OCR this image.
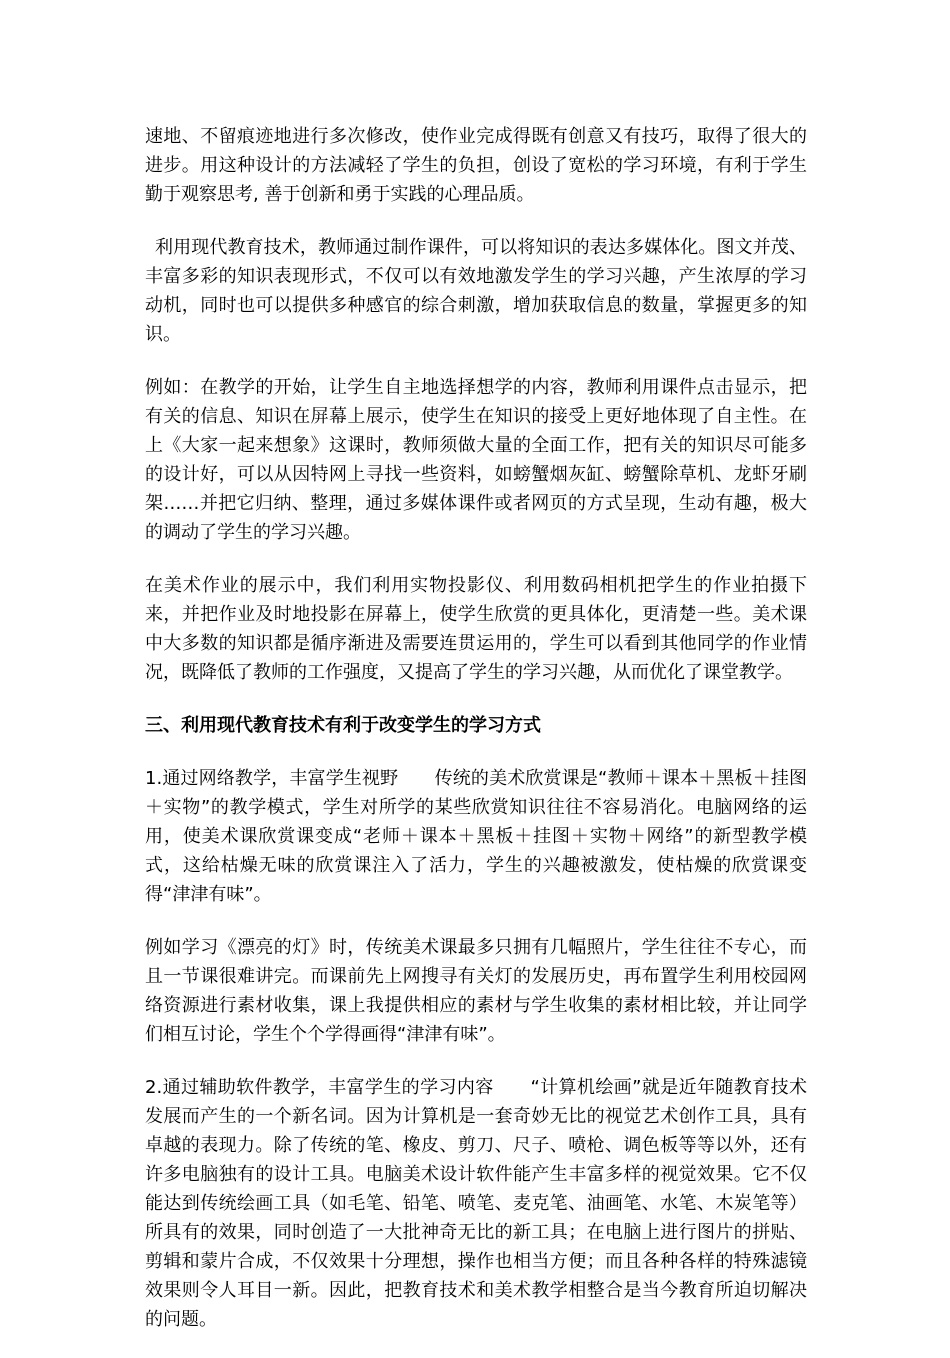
速地、不留痕迹地进行多次修改，使作业完成得既有创意又有技巧，取得了很大的进步。用这种设计的方法减轻了学生的负担，创设了宽松的学习环境，有利于学生勤于观察思考, 善于创新和勇于实践的心理品质。

利用现代教育技术，教师通过制作课件，可以将知识的表达多媒体化。图文并茂、丰富多彩的知识表现形式，不仅可以有效地激发学生的学习兴趣，产生浓厚的学习动机，同时也可以提供多种感官的综合刺激，增加获取信息的数量，掌握更多的知识。

例如：在教学的开始，让学生自主地选择想学的内容，教师利用课件点击显示，把有关的信息、知识在屏幕上展示，使学生在知识的接受上更好地体现了自主性。在上《大家一起来想象》这课时，教师须做大量的全面工作，把有关的知识尽可能多的设计好，可以从因特网上寻找一些资料，如螃蟹烟灰缸、螃蟹除草机、龙虾牙刷架……并把它归纳、整理，通过多媒体课件或者网页的方式呈现，生动有趣，极大的调动了学生的学习兴趣。

在美术作业的展示中，我们利用实物投影仪、利用数码相机把学生的作业拍摄下来，并把作业及时地投影在屏幕上，使学生欣赏的更具体化，更清楚一些。美术课中大多数的知识都是循序渐进及需要连贯运用的，学生可以看到其他同学的作业情况，既降低了教师的工作强度，又提高了学生的学习兴趣，从而优化了课堂教学。

三、利用现代教育技术有利于改变学生的学习方式

1.通过网络教学，丰富学生视野　　传统的美术欣赏课是“教师＋课本＋黑板＋挂图＋实物”的教学模式，学生对所学的某些欣赏知识往往不容易消化。电脑网络的运用，使美术课欣赏课变成“老师＋课本＋黑板＋挂图＋实物＋网络”的新型教学模式，这给枯燥无味的欣赏课注入了活力，学生的兴趣被激发，使枯燥的欣赏课变得“津津有味”。

例如学习《漂亮的灯》时，传统美术课最多只拥有几幅照片，学生往往不专心，而且一节课很难讲完。而课前先上网搜寻有关灯的发展历史，再布置学生利用校园网络资源进行素材收集，课上我提供相应的素材与学生收集的素材相比较，并让同学们相互讨论，学生个个学得画得“津津有味”。

2.通过辅助软件教学，丰富学生的学习内容　　“计算机绘画”就是近年随教育技术发展而产生的一个新名词。因为计算机是一套奇妙无比的视觉艺术创作工具，具有卓越的表现力。除了传统的笔、橡皮、剪刀、尺子、喷枪、调色板等等以外，还有许多电脑独有的设计工具。电脑美术设计软件能产生丰富多样的视觉效果。它不仅能达到传统绘画工具（如毛笔、铅笔、喷笔、麦克笔、油画笔、水笔、木炭笔等）所具有的效果，同时创造了一大批神奇无比的新工具；在电脑上进行图片的拼贴、剪辑和蒙片合成，不仅效果十分理想，操作也相当方便；而且各种各样的特殊滤镜效果则令人耳目一新。因此，把教育技术和美术教学相整合是当今教育所迫切解决的问题。
